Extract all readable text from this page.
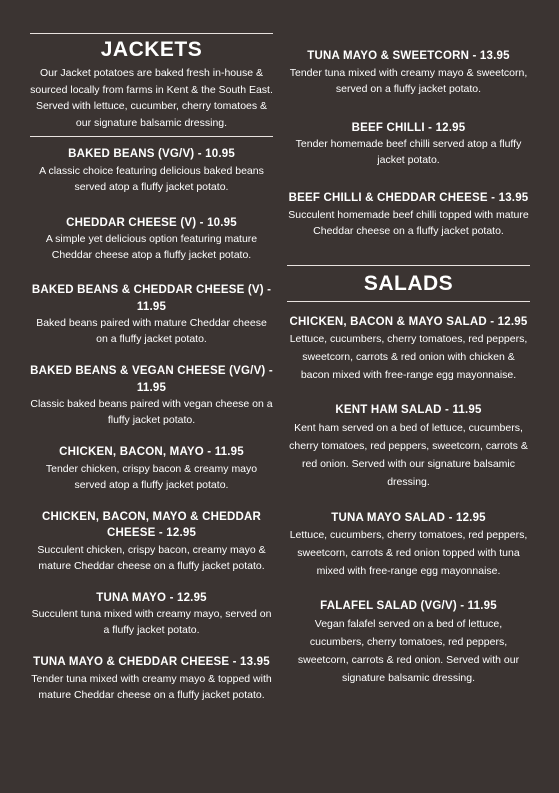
JACKETS

Our Jacket potatoes are baked fresh in-house & sourced locally from farms in Kent & the South East.

Served with lettuce, cucumber, cherry tomatoes & our signature balsamic dressing.

BAKED BEANS (VG/V) - 10.95

A classic choice featuring delicious baked beans served atop a fluffy jacket potato.

CHEDDAR CHEESE (V) - 10.95

A simple yet delicious option featuring mature Cheddar cheese atop a fluffy jacket potato.

BAKED BEANS & CHEDDAR CHEESE (V) - 11.95

Baked beans paired with mature Cheddar cheese on a fluffy jacket potato.

BAKED BEANS & VEGAN CHEESE (VG/V) - 11.95

Classic baked beans paired with vegan cheese on a fluffy jacket potato.

CHICKEN, BACON, MAYO - 11.95

Tender chicken, crispy bacon & creamy mayo served atop a fluffy jacket potato.

CHICKEN, BACON, MAYO & CHEDDAR CHEESE - 12.95

Succulent chicken, crispy bacon, creamy mayo & mature Cheddar cheese on a fluffy jacket potato.

TUNA MAYO - 12.95

Succulent tuna mixed with creamy mayo, served on a fluffy jacket potato.

TUNA MAYO & CHEDDAR CHEESE - 13.95

Tender tuna mixed with creamy mayo & topped with mature Cheddar cheese on a fluffy jacket potato.

TUNA MAYO & SWEETCORN - 13.95

Tender tuna mixed with creamy mayo & sweetcorn, served on a fluffy jacket potato.

BEEF CHILLI - 12.95

Tender homemade beef chilli served atop a fluffy jacket potato.

BEEF CHILLI & CHEDDAR CHEESE - 13.95

Succulent homemade beef chilli topped with mature Cheddar cheese on a fluffy jacket potato.

SALADS

CHICKEN, BACON & MAYO SALAD - 12.95

Lettuce, cucumbers, cherry tomatoes, red peppers, sweetcorn, carrots & red onion with chicken & bacon mixed with free-range egg mayonnaise.

KENT HAM SALAD - 11.95

Kent ham served on a bed of lettuce, cucumbers, cherry tomatoes, red peppers, sweetcorn, carrots & red onion. Served with our signature balsamic dressing.

TUNA MAYO SALAD - 12.95

Lettuce, cucumbers, cherry tomatoes, red peppers, sweetcorn, carrots & red onion topped with tuna mixed with free-range egg mayonnaise.

FALAFEL SALAD (VG/V) - 11.95

Vegan falafel served on a bed of lettuce, cucumbers, cherry tomatoes, red peppers, sweetcorn, carrots & red onion. Served with our signature balsamic dressing.
